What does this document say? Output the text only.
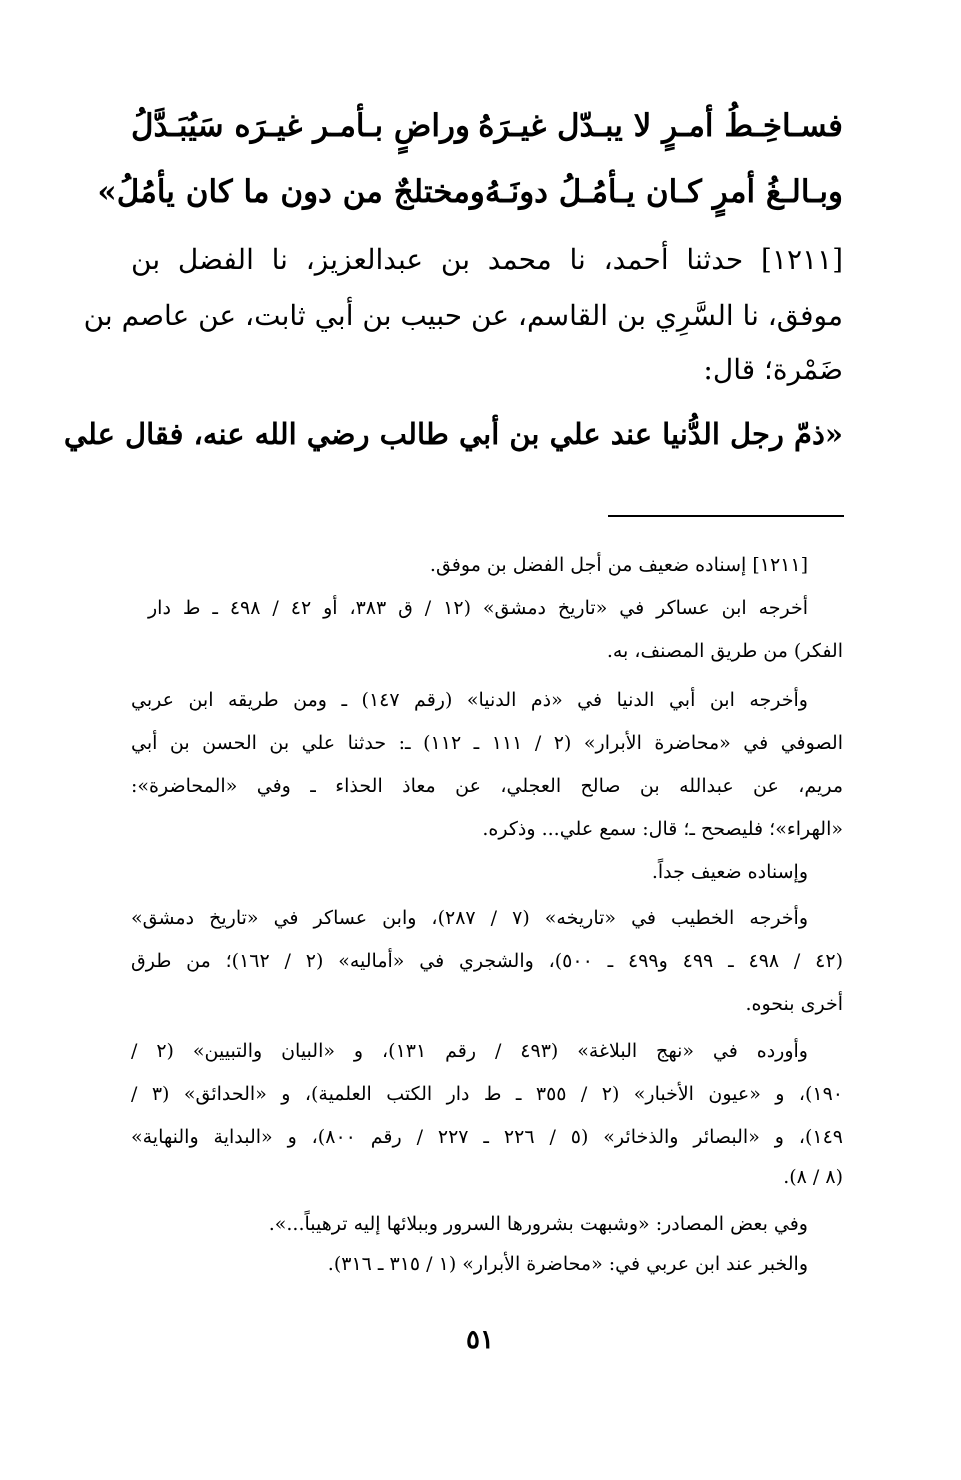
فسـاخِـطُ أمـرٍ لا يبـدّل غيـرَهُ
وراضٍ بـأمـر غيـرَه سَيُبَـدَّلُ
وبـالـغُ أمرٍ كـان يـأمُـلُ دونَـهُ
ومختلجٌ من دون ما كان يأمُلُ»
[١٢١١] حدثنا أحمد، نا محمد بن عبدالعزيز، نا الفضل بن
موفق، نا السَّرِي بن القاسم، عن حبيب بن أبي ثابت، عن عاصم بن
ضَمْرة؛ قال:
«ذمّ رجل الدُّنيا عند علي بن أبي طالب رضي الله عنه، فقال علي
[١٢١١] إسناده ضعيف من أجل الفضل بن موفق.
أخرجه ابن عساكر في «تاريخ دمشق» (١٢ / ق ٣٨٣، أو ٤٢ / ٤٩٨ ـ ط دار
الفكر) من طريق المصنف، به.
وأخرجه ابن أبي الدنيا في «ذم الدنيا» (رقم ١٤٧) ـ ومن طريقه ابن عربي
الصوفي في «محاضرة الأبرار» (٢ / ١١١ ـ ١١٢) ـ: حدثنا علي بن الحسن بن أبي
مريم، عن عبدالله بن صالح العجلي، عن معاذ الحذاء ـ وفي «المحاضرة»:
«الهراء»؛ فليصحح ـ؛ قال: سمع علي... وذكره.
وإسناده ضعيف جداً.
وأخرجه الخطيب في «تاريخه» (٧ / ٢٨٧)، وابن عساكر في «تاريخ دمشق»
(٤٢ / ٤٩٨ ـ ٤٩٩ و٤٩٩ ـ ٥٠٠)، والشجري في «أماليه» (٢ / ١٦٢)؛ من طرق
أخرى بنحوه.
وأورده في «نهج البلاغة» (٤٩٣ / رقم ١٣١)، و «البيان والتبيين» (٢ /
١٩٠)، و «عيون الأخبار» (٢ / ٣٥٥ ـ ط دار الكتب العلمية)، و «الحدائق» (٣ /
١٤٩)، و «البصائر والذخائر» (٥ / ٢٢٦ ـ ٢٢٧ / رقم ٨٠٠)، و «البداية والنهاية»
(٨ / ٨).
وفي بعض المصادر: «وشبهت بشرورها السرور وببلائها إليه ترهيباً...».
والخبر عند ابن عربي في: «محاضرة الأبرار» (١ / ٣١٥ ـ ٣١٦).
٥١
